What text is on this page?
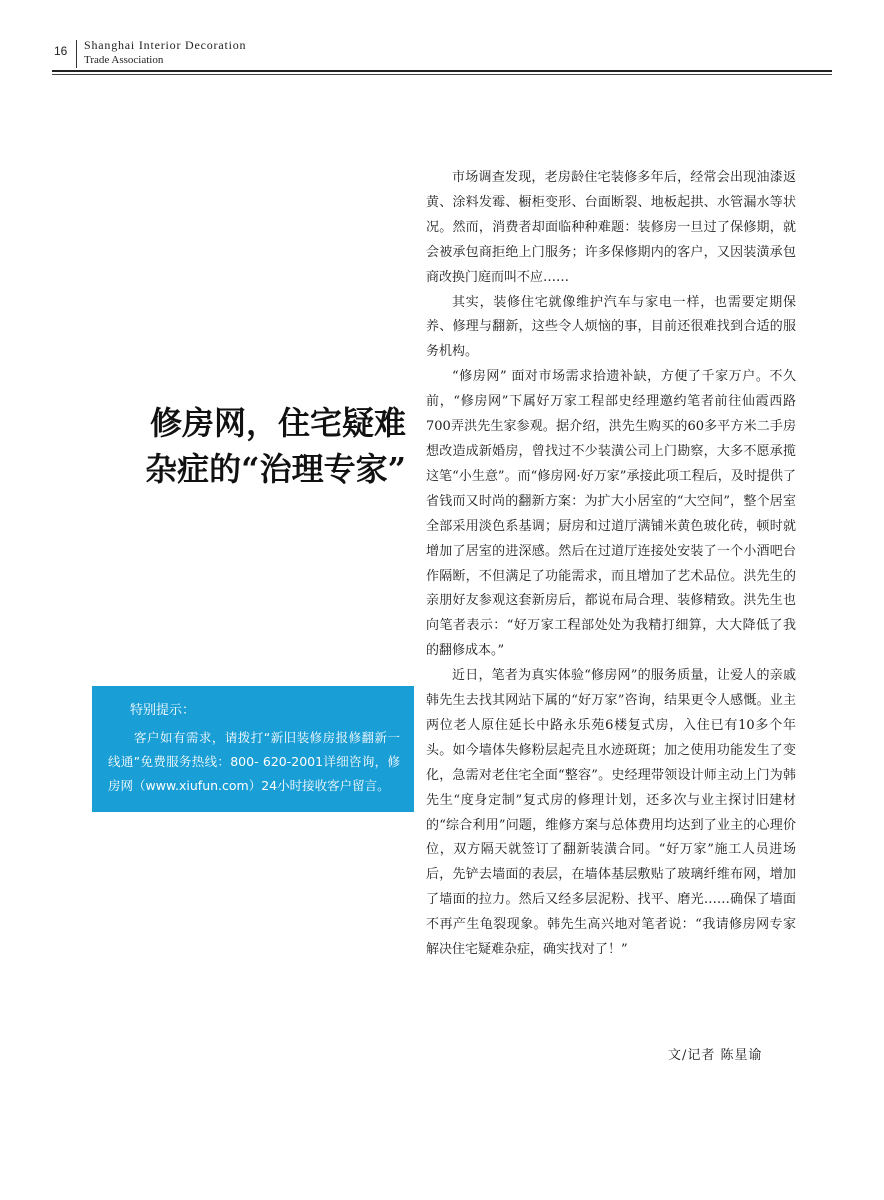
16 Shanghai Interior Decoration
Trade Association
修房网，住宅疑难
杂症的“治理专家”
特别提示：

客户如有需求，请拨打“新旧装修房报修翻新一线通”免费服务热线：800- 620-2001详细咨询，修房网（www.xiufun.com）24小时接收客户留言。

市场调查发现，老房龄住宅装修多年后，经常会出现油漆返黄、涂料发霉、橱柜变形、台面断裂、地板起拱、水管漏水等状况。然而，消费者却面临种种难题：装修房一旦过了保修期，就会被承包商拒绝上门服务；许多保修期内的客户，又因装潢承包商改换门庭而叫不应……

其实，装修住宅就像维护汽车与家电一样，也需要定期保养、修理与翻新，这些令人烦恼的事，目前还很难找到合适的服务机构。

“修房网” 面对市场需求拾遗补缺，方便了千家万户。不久前，“修房网”下属好万家工程部史经理邀约笔者前往仙霞西路700弄洪先生家参观。据介绍，洪先生购买的60多平方米二手房想改造成新婚房，曾找过不少装潢公司上门勘察，大多不愿承揽这笔“小生意”。而“修房网·好万家”承接此项工程后，及时提供了省钱而又时尚的翻新方案：为扩大小居室的“大空间”，整个居室全部采用淡色系基调；厨房和过道厅满铺米黄色玻化砖，顿时就增加了居室的进深感。然后在过道厅连接处安装了一个小酒吧台作隔断，不但满足了功能需求，而且增加了艺术品位。洪先生的亲朋好友参观这套新房后，都说布局合理、装修精致。洪先生也向笔者表示：“好万家工程部处处为我精打细算，大大降低了我的翻修成本。”

近日，笔者为真实体验“修房网”的服务质量，让爱人的亲戚韩先生去找其网站下属的“好万家”咨询，结果更令人感慨。业主两位老人原住延长中路永乐苑6楼复式房，入住已有10多个年头。如今墙体失修粉层起壳且水迹斑斑；加之使用功能发生了变化，急需对老住宅全面“整容”。史经理带领设计师主动上门为韩先生“度身定制”复式房的修理计划，还多次与业主探讨旧建材的“综合利用”问题，维修方案与总体费用均达到了业主的心理价位，双方隔天就签订了翻新装潢合同。“好万家”施工人员进场后，先铲去墙面的表层，在墙体基层敷贴了玻璃纤维布网，增加了墙面的拉力。然后又经多层泥粉、找平、磨光……确保了墙面不再产生龟裂现象。韩先生高兴地对笔者说：“我请修房网专家解决住宅疑难杂症，确实找对了！”

文/记者 陈星谕
